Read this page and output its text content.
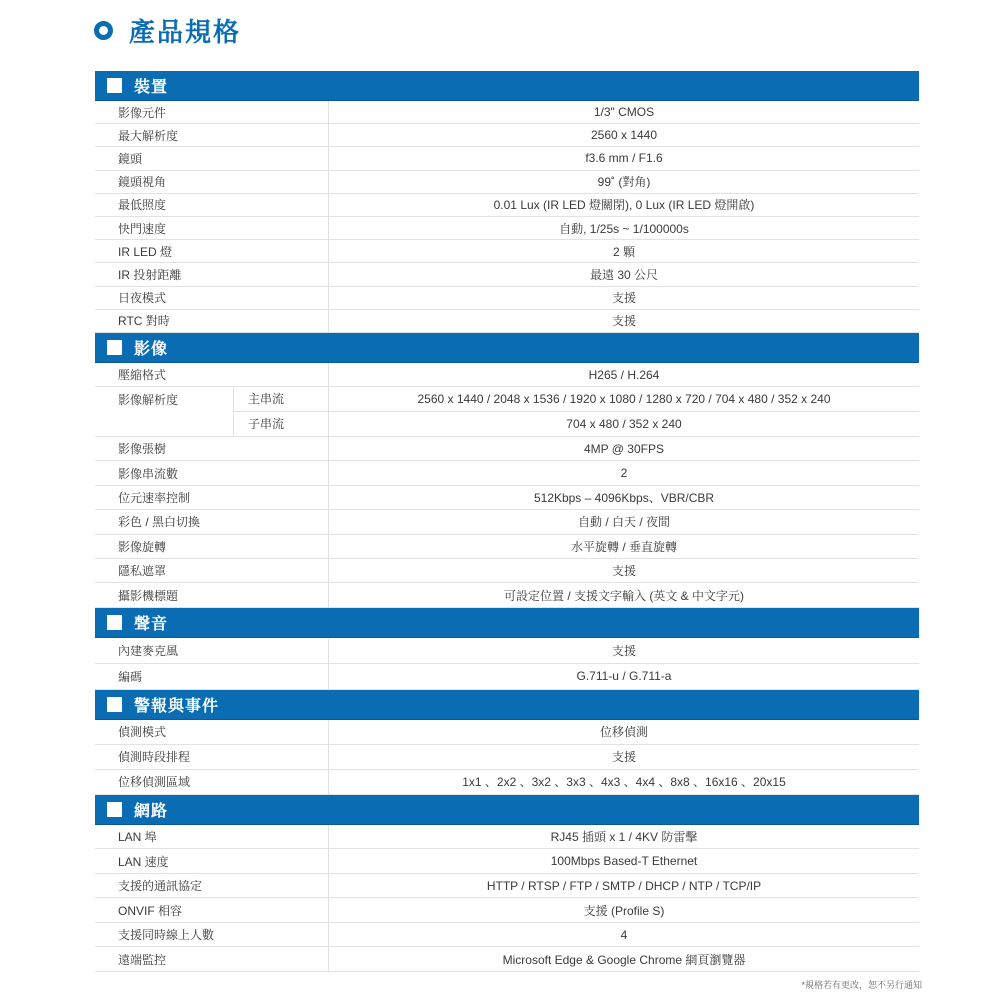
產品規格
裝置
影像元件	1/3" CMOS
最大解析度	2560 x 1440
鏡頭	f3.6 mm / F1.6
鏡頭視角	99˚ (對角)
最低照度	0.01 Lux (IR LED 燈關閉), 0 Lux (IR LED 燈開啟)
快門速度	自動, 1/25s ~ 1/100000s
IR LED 燈	2 顆
IR 投射距離	最遠 30 公尺
日夜模式	支援
RTC 對時	支援
影像
壓縮格式	H265 / H.264
影像解析度	主串流	2560 x 1440 / 2048 x 1536 / 1920 x 1080 / 1280 x 720 / 704 x 480 / 352 x 240
子串流	704 x 480 / 352 x 240
影像張樹	4MP @ 30FPS
影像串流數	2
位元速率控制	512Kbps – 4096Kbps、VBR/CBR
彩色 / 黑白切換	自動 / 白天 / 夜間
影像旋轉	水平旋轉 / 垂直旋轉
隱私遮罩	支援
攝影機標題	可設定位置 / 支援文字輸入 (英文 & 中文字元)
聲音
內建麥克風	支援
編碼	G.711-u / G.711-a
警報與事件
偵測模式	位移偵測
偵測時段排程	支援
位移偵測區域	1x1 、2x2 、3x2 、3x3 、4x3 、4x4 、8x8 、16x16 、20x15
網路
LAN 埠	RJ45 插頭 x 1 / 4KV 防雷擊
LAN 速度	100Mbps Based-T Ethernet
支援的通訊協定	HTTP / RTSP / FTP / SMTP / DHCP / NTP / TCP/IP
ONVIF 相容	支援 (Profile S)
支援同時線上人數	4
遠端監控	Microsoft Edge & Google Chrome 網頁瀏覽器
*規格若有更改，恕不另行通知
